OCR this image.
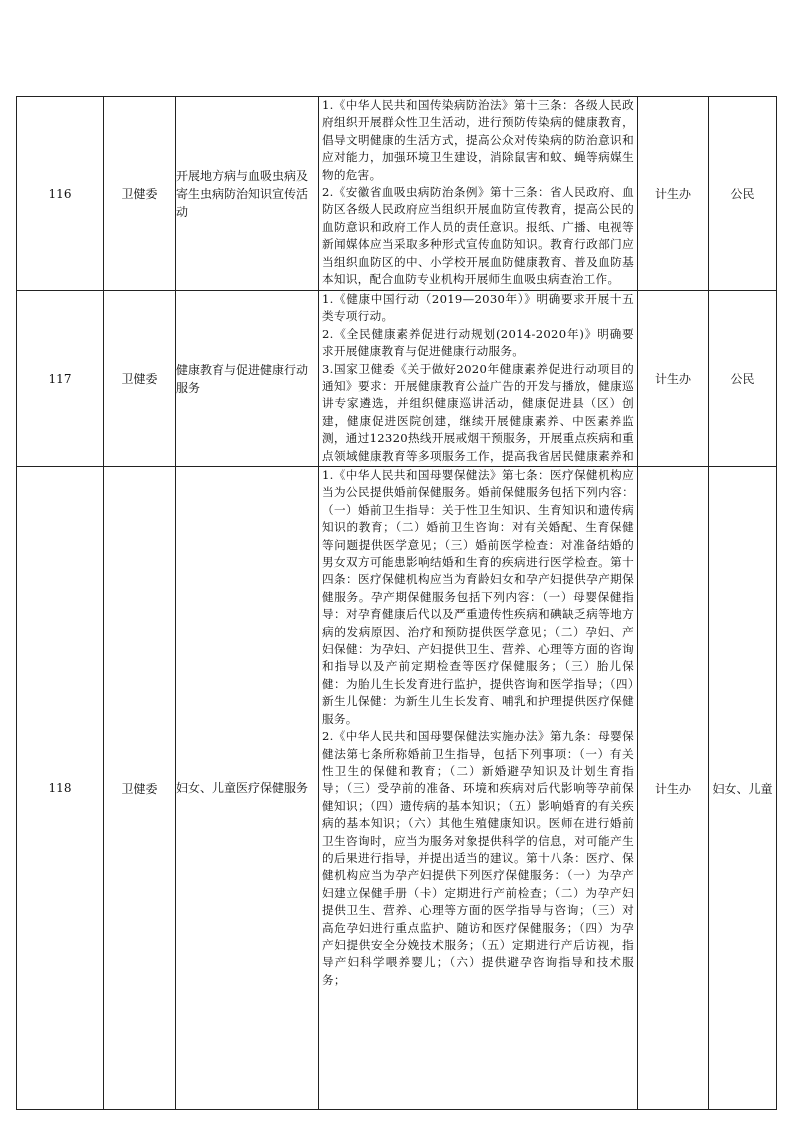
116	卫健委	开展地方病与血吸虫病及寄生虫病防治知识宣传活动	1.《中华人民共和国传染病防治法》第十三条：各级人民政府组织开展群众性卫生活动，进行预防传染病的健康教育，倡导文明健康的生活方式，提高公众对传染病的防治意识和应对能力，加强环境卫生建设，消除鼠害和蚊、蝇等病媒生物的危害。

2.《安徽省血吸虫病防治条例》第十三条：省人民政府、血防区各级人民政府应当组织开展血防宣传教育，提高公民的血防意识和政府工作人员的责任意识。报纸、广播、电视等新闻媒体应当采取多种形式宣传血防知识。教育行政部门应当组织血防区的中、小学校开展血防健康教育、普及血防基本知识，配合血防专业机构开展师生血吸虫病查治工作。	计生办	公民
117	卫健委	健康教育与促进健康行动服务	1.《健康中国行动（2019—2030年）》明确要求开展十五类专项行动。

2.《全民健康素养促进行动规划(2014-2020年)》明确要求开展健康教育与促进健康行动服务。

3.国家卫健委《关于做好2020年健康素养促进行动项目的通知》要求：开展健康教育公益广告的开发与播放，健康巡讲专家遴选，并组织健康巡讲活动，健康促进县（区）创建，健康促进医院创建，继续开展健康素养、中医素养监测，通过12320热线开展戒烟干预服务，开展重点疾病和重点领域健康教育等多项服务工作，提高我省居民健康素养和	计生办	公民
118	卫健委	妇女、儿童医疗保健服务	1.《中华人民共和国母婴保健法》第七条：医疗保健机构应当为公民提供婚前保健服务。婚前保健服务包括下列内容：（一）婚前卫生指导：关于性卫生知识、生育知识和遗传病知识的教育；（二）婚前卫生咨询：对有关婚配、生育保健等问题提供医学意见；（三）婚前医学检查：对准备结婚的男女双方可能患影响结婚和生育的疾病进行医学检查。第十四条：医疗保健机构应当为育龄妇女和孕产妇提供孕产期保健服务。孕产期保健服务包括下列内容：（一）母婴保健指导：对孕育健康后代以及严重遗传性疾病和碘缺乏病等地方病的发病原因、治疗和预防提供医学意见；（二）孕妇、产妇保健：为孕妇、产妇提供卫生、营养、心理等方面的咨询和指导以及产前定期检查等医疗保健服务；（三）胎儿保健：为胎儿生长发育进行监护，提供咨询和医学指导；（四）新生儿保健：为新生儿生长发育、哺乳和护理提供医疗保健服务。

2.《中华人民共和国母婴保健法实施办法》第九条：母婴保健法第七条所称婚前卫生指导，包括下列事项：（一）有关性卫生的保健和教育；（二）新婚避孕知识及计划生育指导；（三）受孕前的准备、环境和疾病对后代影响等孕前保健知识；（四）遗传病的基本知识；（五）影响婚育的有关疾病的基本知识；（六）其他生殖健康知识。医师在进行婚前卫生咨询时，应当为服务对象提供科学的信息，对可能产生的后果进行指导，并提出适当的建议。第十八条：医疗、保健机构应当为孕产妇提供下列医疗保健服务：（一）为孕产妇建立保健手册（卡）定期进行产前检查；（二）为孕产妇提供卫生、营养、心理等方面的医学指导与咨询；（三）对高危孕妇进行重点监护、随访和医疗保健服务；（四）为孕产妇提供安全分娩技术服务；（五）定期进行产后访视，指导产妇科学喂养婴儿；（六）提供避孕咨询指导和技术服务；	计生办	妇女、儿童
